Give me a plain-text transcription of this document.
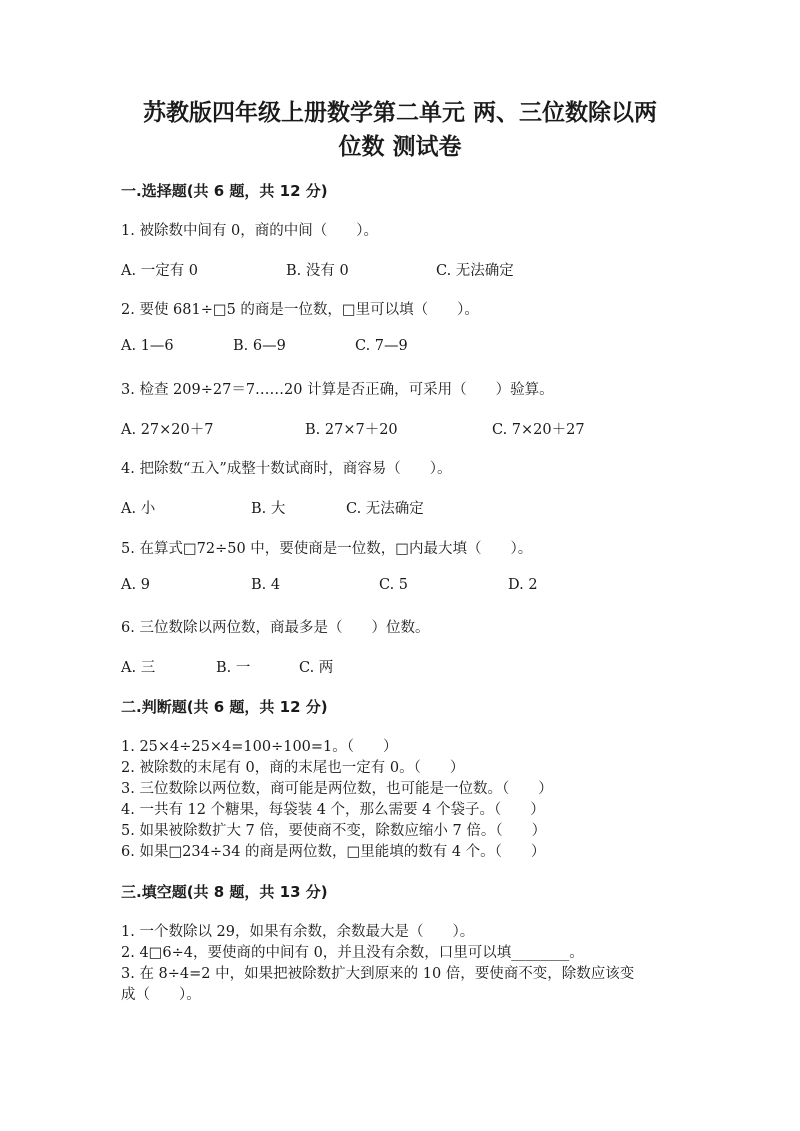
苏教版四年级上册数学第二单元 两、三位数除以两
位数 测试卷
一.选择题(共 6 题，共 12 分)
1. 被除数中间有 0，商的中间（　　）。
A. 一定有 0	B. 没有 0	C. 无法确定
2. 要使 681÷□5 的商是一位数，□里可以填（　　）。
A. 1—6	B. 6—9	C. 7—9
3. 检查 209÷27＝7……20 计算是否正确，可采用（　　）验算。
A. 27×20＋7	B. 27×7＋20	C. 7×20＋27
4. 把除数“五入”成整十数试商时，商容易（　　）。
A. 小	B. 大	C. 无法确定
5. 在算式□72÷50 中，要使商是一位数，□内最大填（　　）。
A. 9	B. 4	C. 5	D. 2
6. 三位数除以两位数，商最多是（　　）位数。
A. 三	B. 一	C. 两
二.判断题(共 6 题，共 12 分)
1. 25×4÷25×4=100÷100=1。（　　）
2. 被除数的末尾有 0，商的末尾也一定有 0。（　　）
3. 三位数除以两位数，商可能是两位数，也可能是一位数。（　　）
4. 一共有 12 个糖果，每袋装 4 个，那么需要 4 个袋子。（　　）
5. 如果被除数扩大 7 倍，要使商不变，除数应缩小 7 倍。（　　）
6. 如果□234÷34 的商是两位数，□里能填的数有 4 个。（　　）
三.填空题(共 8 题，共 13 分)
1. 一个数除以 29，如果有余数，余数最大是（　　）。
2. 4□6÷4，要使商的中间有 0，并且没有余数，口里可以填________。
3. 在 8÷4=2 中，如果把被除数扩大到原来的 10 倍，要使商不变，除数应该变
成（　　）。
